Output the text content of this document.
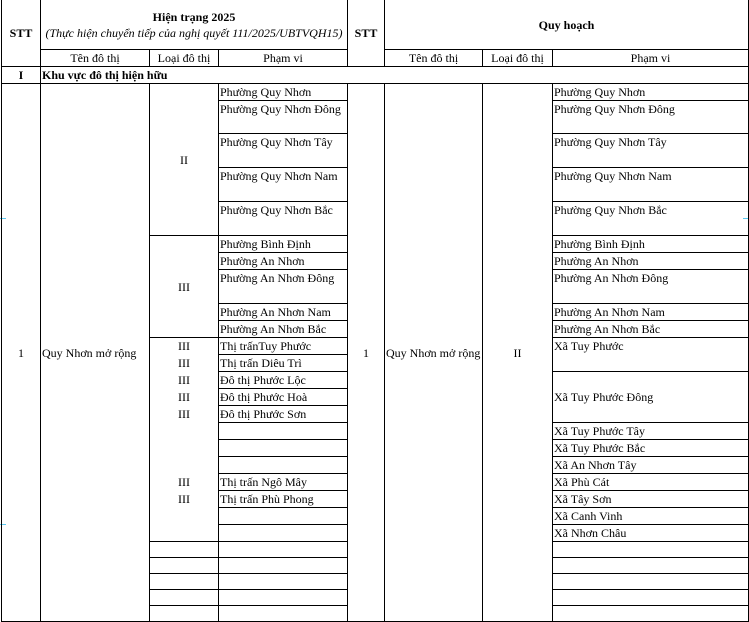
STT	Hiện trạng 2025
(Thực hiện chuyển tiếp của nghị quyết 111/2025/UBTVQH15)			STT	Quy hoạch		
	Tên đô thị	Loại đô thị	Phạm vi		Tên đô thị	Loại đô thị	Phạm vi
I	Khu vực đô thị hiện hữu						
1	Quy Nhơn mở rộng	II	Phường Quy Nhơn	1	Quy Nhơn mở rộng	II	Phường Quy Nhơn
			Phường Quy Nhơn Đông				Phường Quy Nhơn Đông
			Phường Quy Nhơn Tây				Phường Quy Nhơn Tây
			Phường Quy Nhơn Nam				Phường Quy Nhơn Nam
			Phường Quy Nhơn Bắc				Phường Quy Nhơn Bắc
		III	Phường Bình Định				Phường Bình Định
			Phường An Nhơn				Phường An Nhơn
			Phường An Nhơn Đông				Phường An Nhơn Đông
			Phường An Nhơn Nam				Phường An Nhơn Nam
			Phường An Nhơn Bắc				Phường An Nhơn Bắc
		III	Thị trấnTuy Phước				Xã Tuy Phước
		III	Thị trấn Diêu Trì				
		III	Đô thị Phước Lộc				Xã Tuy Phước Đông
		III	Đô thị Phước Hoà				
		III	Đô thị Phước Sơn				
							Xã Tuy Phước Tây
							Xã Tuy Phước Bắc
							Xã An Nhơn Tây
		III	Thị trấn Ngô Mây				Xã Phù Cát
		III	Thị trấn Phù Phong				Xã Tây Sơn
							Xã Canh Vinh
							Xã Nhơn Châu
